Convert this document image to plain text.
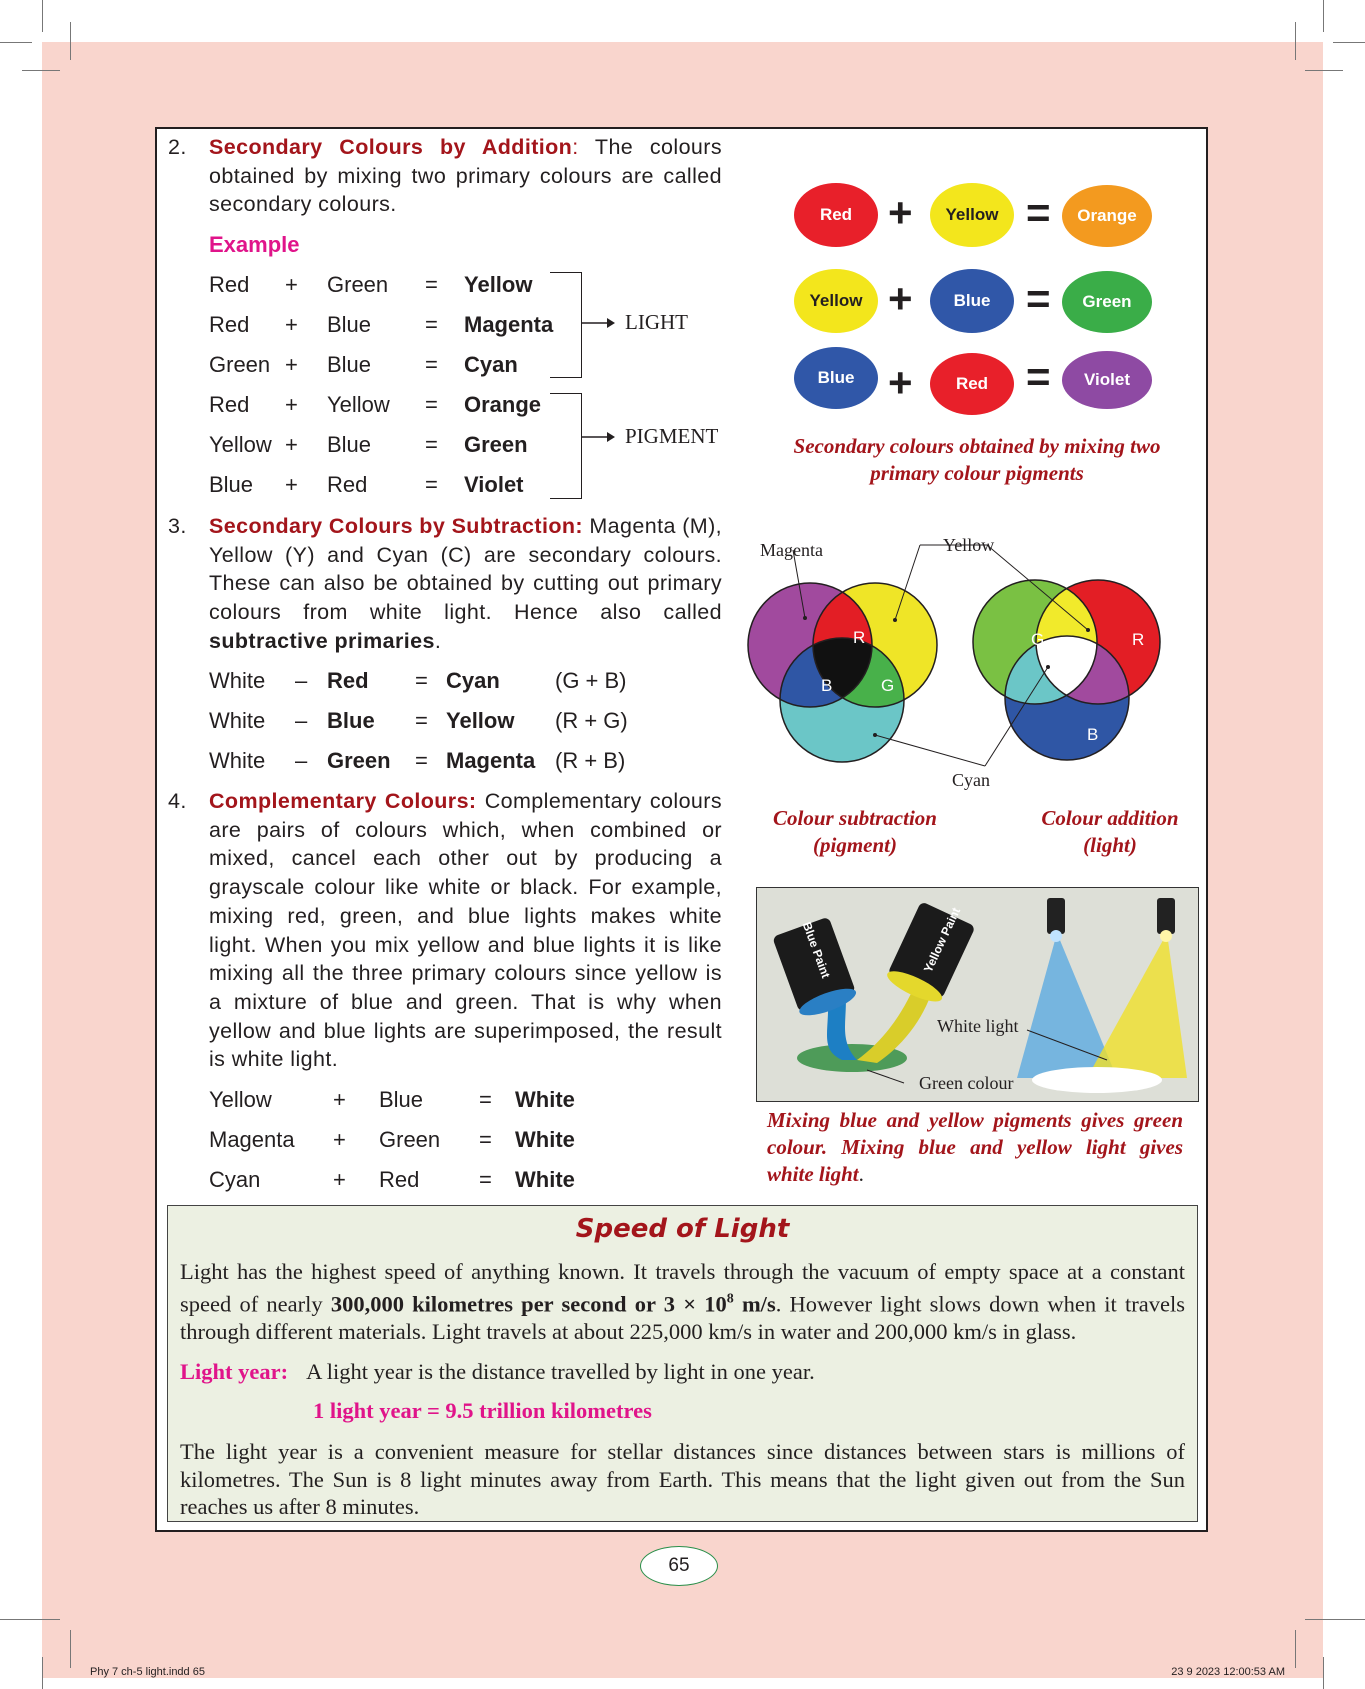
2.	Secondary Colours by Addition: The colours obtained by mixing two primary colours are called secondary colours.
Example
Red + Green = Yellow
Red + Blue = Magenta
Green + Blue = Cyan
Red + Yellow = Orange
Yellow + Blue = Green
Blue + Red	= Violet
LIGHT
PIGMENT
3.	Secondary Colours by Subtraction: Magenta (M), Yellow (Y) and Cyan (C) are secondary colours. These can also be obtained by cutting out primary colours from white light. Hence also called subtractive primaries.
White – Red = Cyan	(G + B)
White – Blue = Yellow (R + G)
White – Green = Magenta (R + B)
4.	Complementary Colours: Complementary colours are pairs of colours which, when combined or mixed, cancel each other out by producing a grayscale colour like white or black. For example, mixing red, green, and blue lights makes white light. When you mix yellow and blue lights it is like mixing all the three primary colours since yellow is a mixture of blue and green. That is why when yellow and blue lights are superimposed, the result is white light.
Yellow	+ Blue	= White
Magenta + Green = White
Cyan	+ Red	= White
Red +	Yellow =	Orange
Yellow +	Blue =	Green
Blue +	Red =	Violet
Secondary colours obtained by mixing two
primary colour pigments
Magenta	Yellow
Cyan
R
B	G
G	R
B
Colour subtraction
(pigment)
Colour addition
(light)
Blue Paint	Yellow Paint
White light
Green colour
Mixing blue and yellow pigments gives green
colour. Mixing blue and yellow light gives
white light.
Speed of Light

Light has the highest speed of anything known. It travels through the vacuum of empty space at a constant speed of nearly 300,000 kilometres per second or $3 \times 10^8$ m/s. However light slows down when it travels through different materials. Light travels at about 225,000 km/s in water and 200,000 km/s in glass.

Light year: A light year is the distance travelled by light in one year.

1 light year = 9.5 trillion kilometres

The light year is a convenient measure for stellar distances since distances between stars is millions of kilometres. The Sun is 8 light minutes away from Earth. This means that the light given out from the Sun reaches us after 8 minutes.

65
Phy 7 ch-5 light.indd 65	23 9 2023 12:00:53 AM
